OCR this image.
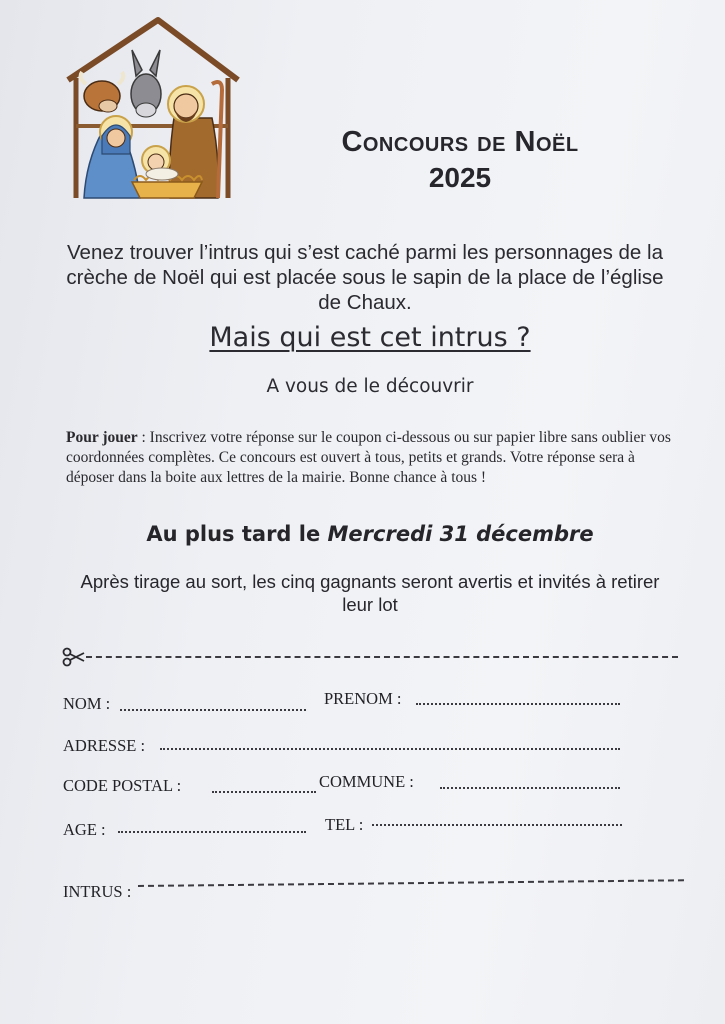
Concours de Noël
2025
Venez trouver l’intrus qui s’est caché parmi les personnages de la crèche de Noël qui est placée sous le sapin de la place de l’église de Chaux.
Mais qui est cet intrus ?
A vous de le découvrir
Pour jouer : Inscrivez votre réponse sur le coupon ci-dessous ou sur papier libre sans oublier vos coordonnées complètes. Ce concours est ouvert à tous, petits et grands. Votre réponse sera à déposer dans la boite aux lettres de la mairie. Bonne chance à tous !
Au plus tard le Mercredi 31 décembre
Après tirage au sort, les cinq gagnants seront avertis et invités à retirer leur lot
NOM :	PRENOM :
ADRESSE :
CODE POSTAL :	COMMUNE :
AGE :	TEL :
INTRUS :
